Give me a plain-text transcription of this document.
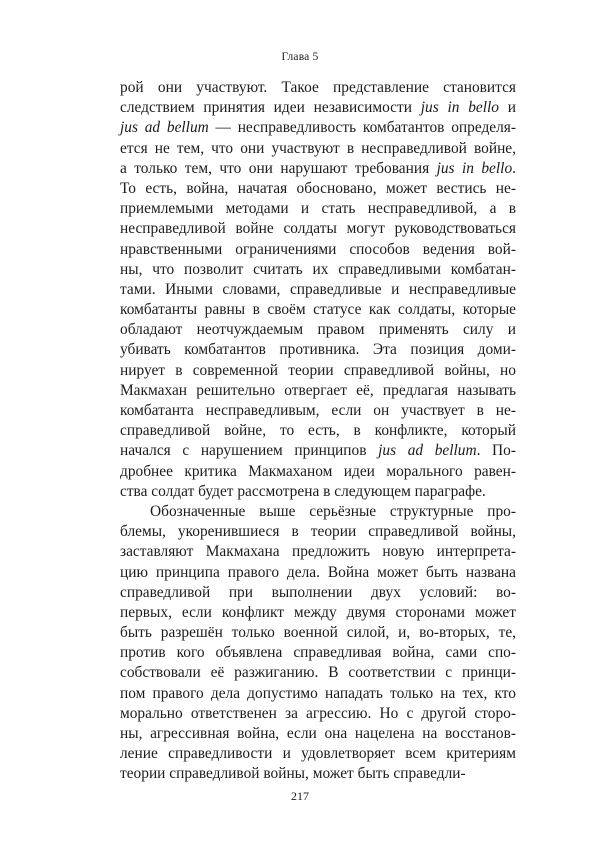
Глава 5
рой они участвуют. Такое представление становится
следствием принятия идеи независимости jus in bello и
jus ad bellum — несправедливость комбатантов определя-
ется не тем, что они участвуют в несправедливой войне,
а только тем, что они нарушают требования jus in bello.
То есть, война, начатая обосновано, может вестись не-
приемлемыми методами и стать несправедливой, а в
несправедливой войне солдаты могут руководствоваться
нравственными ограничениями способов ведения вой-
ны, что позволит считать их справедливыми комбатан-
тами. Иными словами, справедливые и несправедливые
комбатанты равны в своём статусе как солдаты, которые
обладают неотчуждаемым правом применять силу и
убивать комбатантов противника. Эта позиция доми-
нирует в современной теории справедливой войны, но
Макмахан решительно отвергает её, предлагая называть
комбатанта несправедливым, если он участвует в не-
справедливой войне, то есть, в конфликте, который
начался с нарушением принципов jus ad bellum. По-
дробнее критика Макмаханом идеи морального равен-
ства солдат будет рассмотрена в следующем параграфе.
Обозначенные выше серьёзные структурные про-
блемы, укоренившиеся в теории справедливой войны,
заставляют Макмахана предложить новую интерпрета-
цию принципа правого дела. Война может быть названа
справедливой при выполнении двух условий: во-
первых, если конфликт между двумя сторонами может
быть разрешён только военной силой, и, во-вторых, те,
против кого объявлена справедливая война, сами спо-
собствовали её разжиганию. В соответствии с принци-
пом правого дела допустимо нападать только на тех, кто
морально ответственен за агрессию. Но с другой сторо-
ны, агрессивная война, если она нацелена на восстанов-
ление справедливости и удовлетворяет всем критериям
теории справедливой войны, может быть справедли-
217
